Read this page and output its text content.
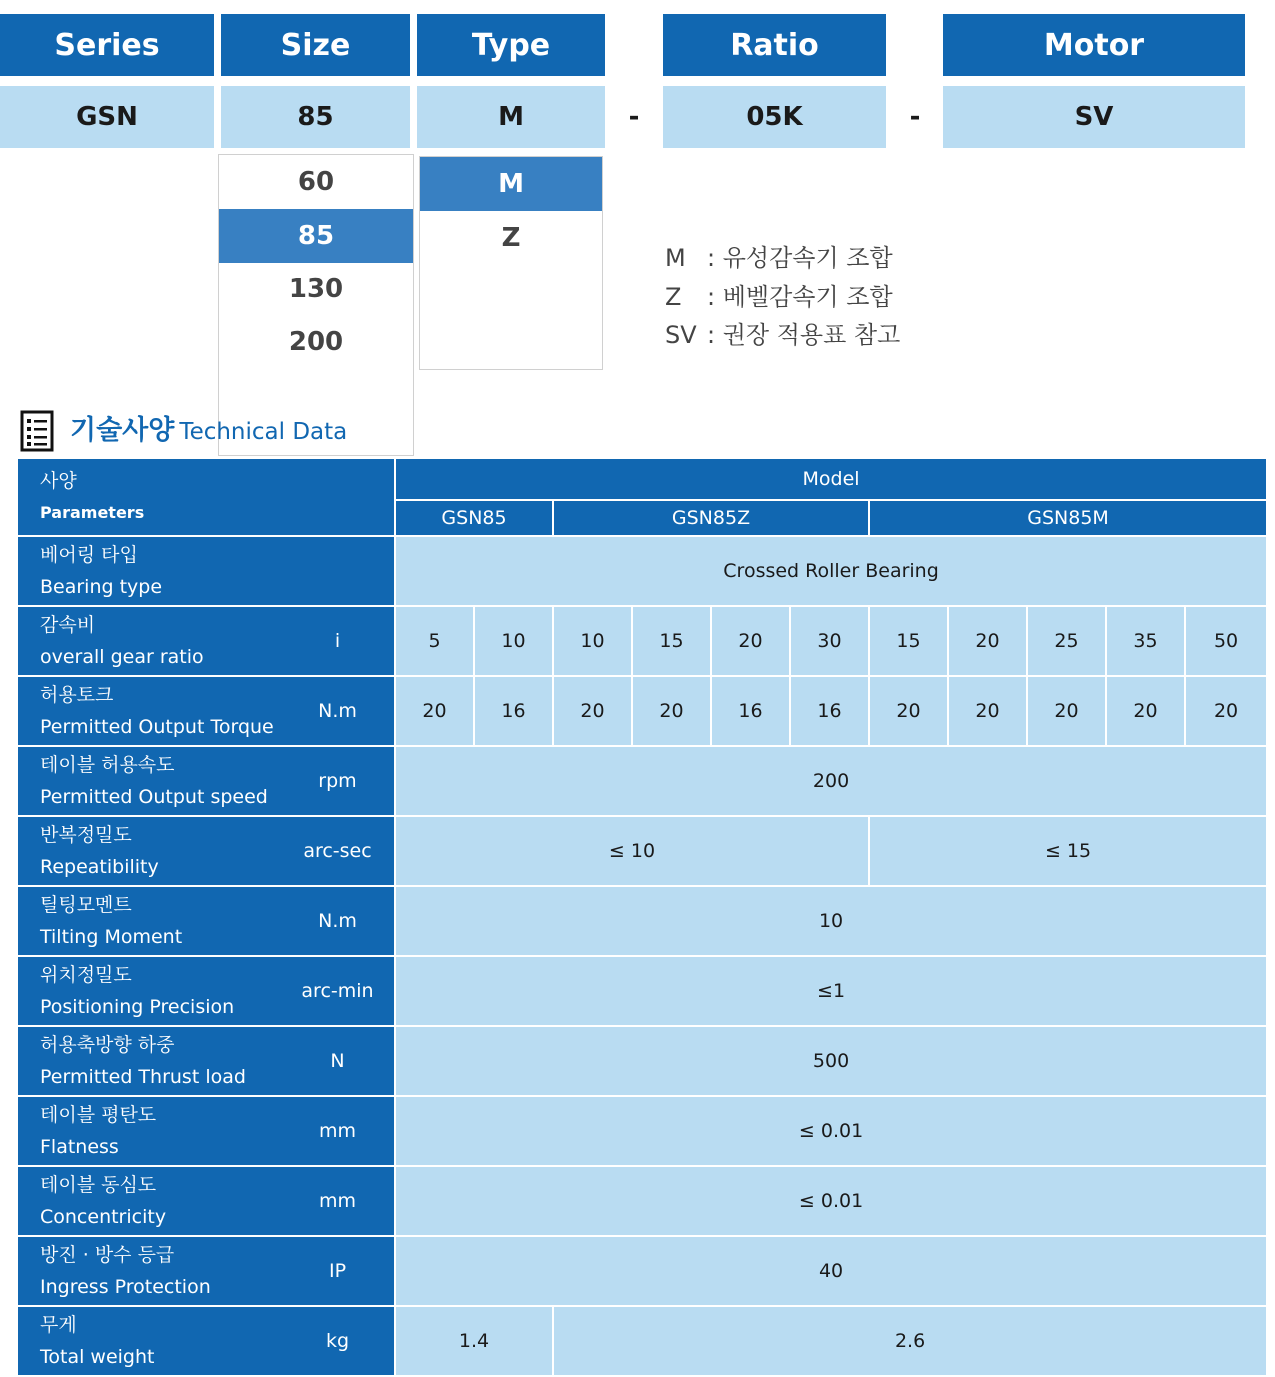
Series	Size	Type	Ratio	Motor
GSN	85	M	-	05K	-	SV
60
85
130
200
M
Z
M : 유성감속기 조합
Z : 베벨감속기 조합
SV : 권장 적용표 참고
기술사양 Technical Data
사양
Parameters		Model										
		GSN85		GSN85Z				GSN85M				

베어링 타입
Bearing type		Crossed Roller Bearing										

감속비
overall gear ratio	i	5	10	10	15	20	30	15	20	25	35	50

허용토크
Permitted Output Torque	N.m	20	16	20	20	16	16	20	20	20	20	20

테이블 허용속도
Permitted Output speed	rpm	200										

반복정밀도
Repeatibility	arc-sec	≤ 10						≤ 15				

틸팅모멘트
Tilting Moment	N.m	10										

위치정밀도
Positioning Precision	arc-min	≤1										

허용축방향 하중
Permitted Thrust load	N	500										

테이블 평탄도
Flatness	mm	≤ 0.01										

테이블 동심도
Concentricity	mm	≤ 0.01										

방진 · 방수 등급
Ingress Protection	IP	40										

무게
Total weight	kg	1.4		2.6								
